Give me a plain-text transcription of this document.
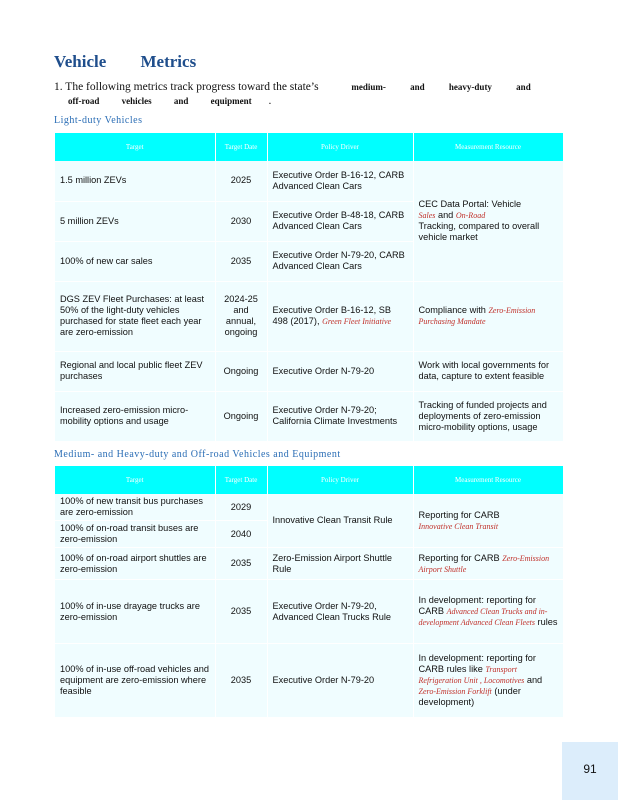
Vehicle Metrics
1. The following metrics track progress toward the state’s	medium- and heavy-duty and
off-road vehicles and equipment .
Light-duty Vehicles
Target	Target Date	Policy Driver	Measurement Resource
1.5 million ZEVs	2025	Executive Order B-16-12, CARB Advanced Clean Cars	CEC Data Portal: Vehicle
Sales and On-Road
Tracking, compared to overall vehicle market
5 million ZEVs	2030	Executive Order B-48-18, CARB Advanced Clean Cars	
100% of new car sales	2035	Executive Order N-79-20, CARB Advanced Clean Cars	
DGS ZEV Fleet Purchases: at least 50% of the light-duty vehicles purchased for state fleet each year are zero-emission	2024-25 and annual, ongoing	Executive Order B-16-12, SB 498 (2017), Green Fleet Initiative	Compliance with Zero-Emission Purchasing Mandate
Regional and local public fleet ZEV purchases	Ongoing	Executive Order N-79-20	Work with local governments for data, capture to extent feasible
Increased zero-emission micro-mobility options and usage	Ongoing	Executive Order N-79-20; California Climate Investments	Tracking of funded projects and deployments of zero-emission micro-mobility options, usage
Medium- and Heavy-duty and Off-road Vehicles and Equipment
Target	Target Date	Policy Driver	Measurement Resource
100% of new transit bus purchases are zero-emission	2029	Innovative Clean Transit Rule	Reporting for CARB
Innovative Clean Transit
100% of on-road transit buses are zero-emission	2040		
100% of on-road airport shuttles are zero-emission	2035	Zero-Emission Airport Shuttle Rule	Reporting for CARB Zero-Emission Airport Shuttle
100% of in-use drayage trucks are zero-emission	2035	Executive Order N-79-20, Advanced Clean Trucks Rule	In development: reporting for CARB Advanced Clean Trucks and in-development Advanced Clean Fleets rules
100% of in-use off-road vehicles and equipment are zero-emission where feasible	2035	Executive Order N-79-20	In development: reporting for CARB rules like Transport Refrigeration Unit , Locomotives and Zero-Emission Forklift (under development)
91
